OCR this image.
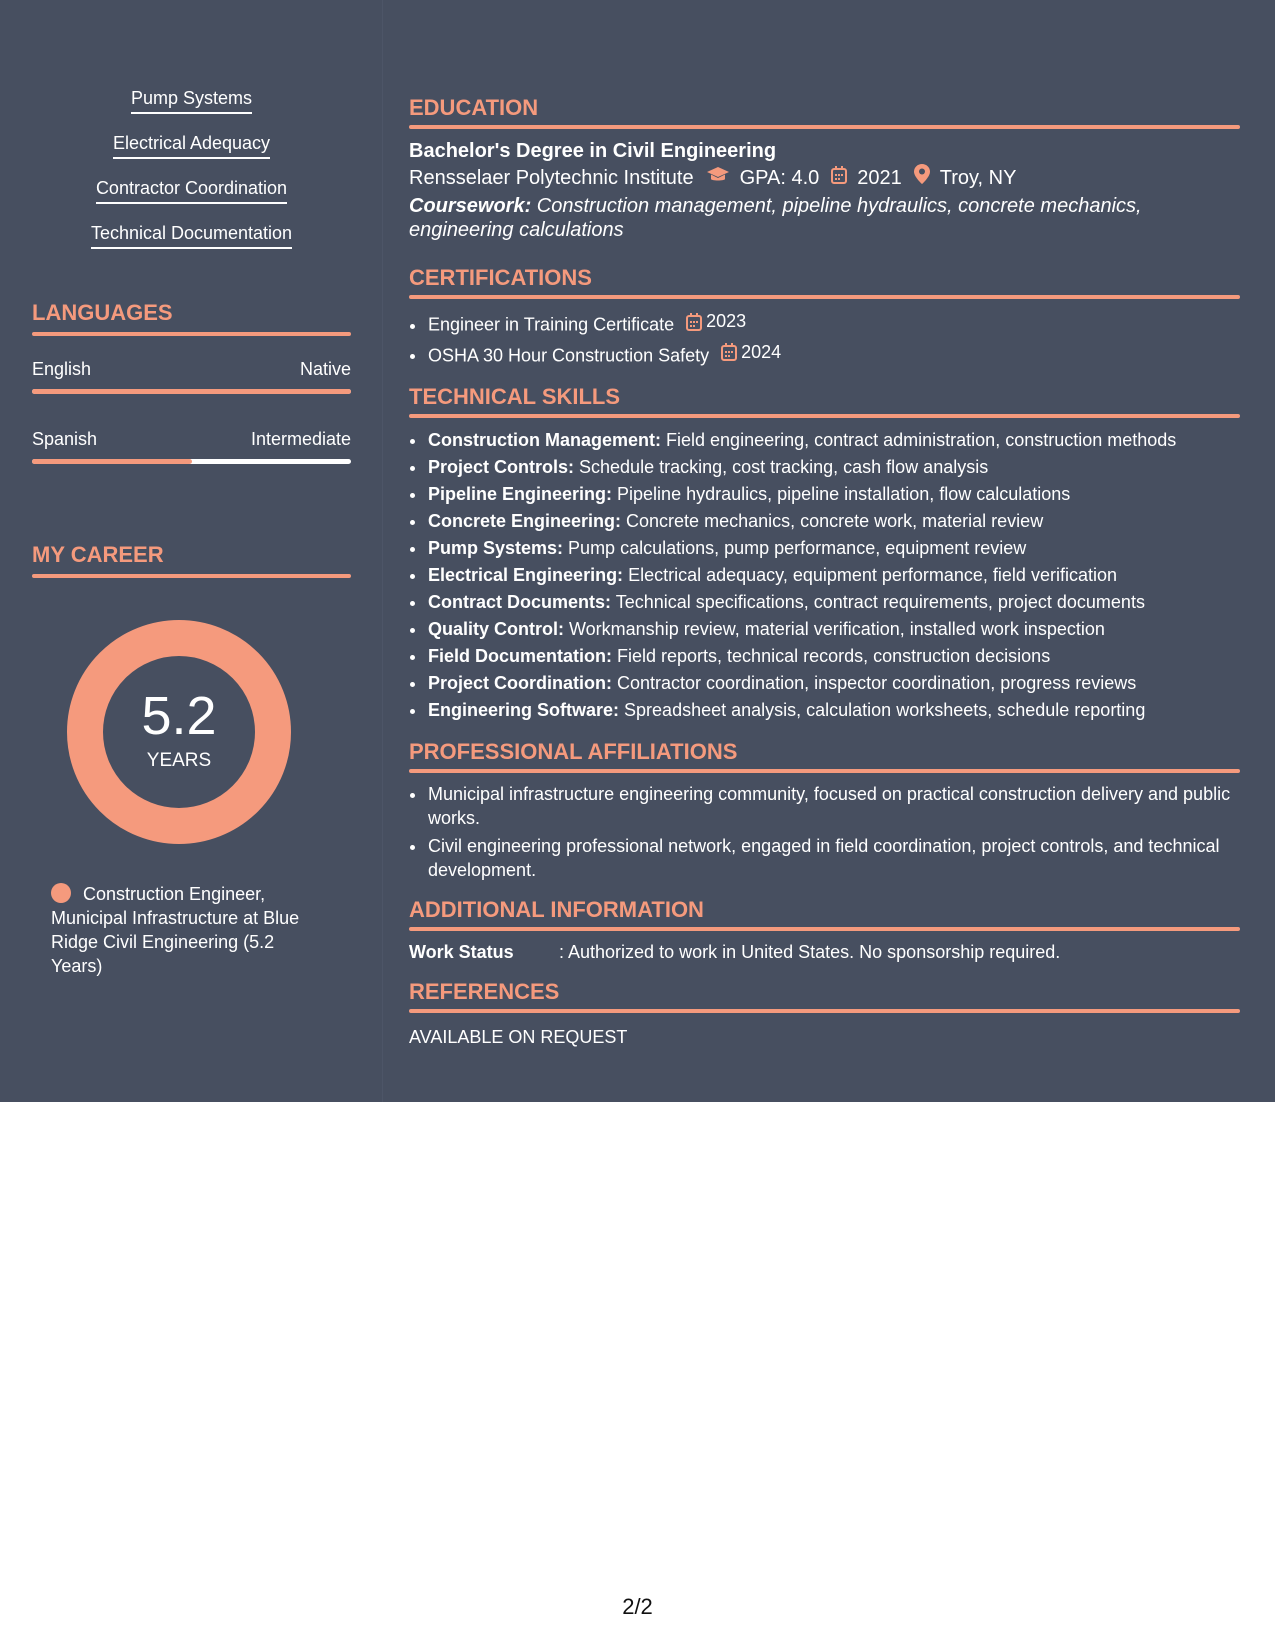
Pump Systems
Electrical Adequacy
Contractor Coordination
Technical Documentation
LANGUAGES
English	Native
Spanish	Intermediate
MY CAREER
5.2
YEARS
Construction Engineer, Municipal Infrastructure at Blue Ridge Civil Engineering (5.2 Years)
EDUCATION
Bachelor's Degree in Civil Engineering
Rensselaer Polytechnic Institute GPA: 4.0 2021 Troy, NY
Coursework: Construction management, pipeline hydraulics, concrete mechanics, engineering calculations
CERTIFICATIONS
• Engineer in Training Certificate 2023
• OSHA 30 Hour Construction Safety 2024
TECHNICAL SKILLS
• Construction Management: Field engineering, contract administration, construction methods
• Project Controls: Schedule tracking, cost tracking, cash flow analysis
• Pipeline Engineering: Pipeline hydraulics, pipeline installation, flow calculations
• Concrete Engineering: Concrete mechanics, concrete work, material review
• Pump Systems: Pump calculations, pump performance, equipment review
• Electrical Engineering: Electrical adequacy, equipment performance, field verification
• Contract Documents: Technical specifications, contract requirements, project documents
• Quality Control: Workmanship review, material verification, installed work inspection
• Field Documentation: Field reports, technical records, construction decisions
• Project Coordination: Contractor coordination, inspector coordination, progress reviews
• Engineering Software: Spreadsheet analysis, calculation worksheets, schedule reporting
PROFESSIONAL AFFILIATIONS
• Municipal infrastructure engineering community, focused on practical construction delivery and public works.
• Civil engineering professional network, engaged in field coordination, project controls, and technical development.
ADDITIONAL INFORMATION
Work Status	: Authorized to work in United States. No sponsorship required.
REFERENCES
AVAILABLE ON REQUEST
2/2
